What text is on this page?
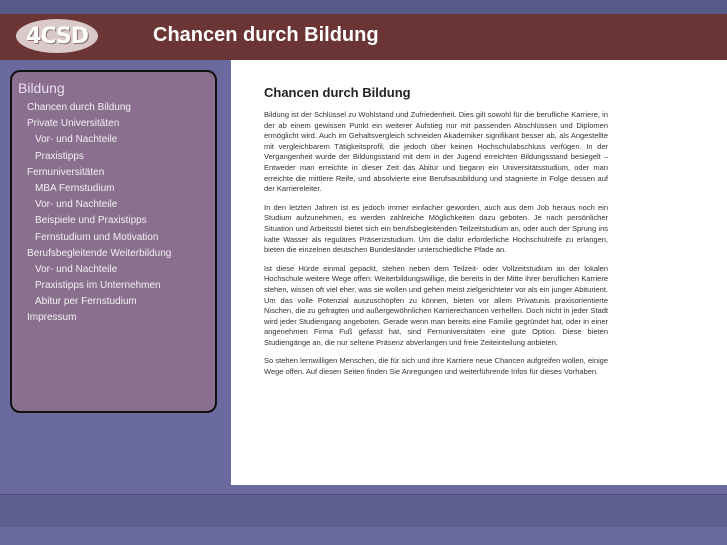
4CSD	Chancen durch Bildung
Bildung
Chancen durch Bildung
Private Universitäten
Vor- und Nachteile
Praxistipps
Fernuniversitäten
MBA Fernstudium
Vor- und Nachteile
Beispiele und Praxistipps
Fernstudium und Motivation
Berufsbegleitende Weiterbildung
Vor- und Nachteile
Praxistipps im Unternehmen
Abitur per Fernstudium
Impressum
Chancen durch Bildung

Bildung ist der Schlüssel zu Wohlstand und Zufriedenheit. Dies gilt sowohl für die berufliche Karriere, in der ab einem gewissen Punkt ein weiterer Aufstieg nur mit passenden Abschlüssen und Diplomen ermöglicht wird. Auch im Gehaltsvergleich schneiden Akademiker signifikant besser ab, als Angestellte mit vergleichbarem Tätigkeitsprofil, die jedoch über keinen Hochschulabschluss verfügen. In der Vergangenheit wurde der Bildungsstand mit dem in der Jugend erreichten Bildungsstand besiegelt – Entweder man erreichte in dieser Zeit das Abitur und begann ein Universitätsstudium, oder man erreichte die mittlere Reife, und absolvierte eine Berufsausbildung und stagnierte in Folge dessen auf der Karriereleiter.

In den letzten Jahren ist es jedoch immer einfacher geworden, auch aus dem Job heraus noch ein Studium aufzunehmen, es werden zahlreiche Möglichkeiten dazu geboten. Je nach persönlicher Situation und Arbeitsstil bietet sich ein berufsbegleitenden Teilzeitstudium an, oder auch der Sprung ins kalte Wasser als reguläres Präsenzstudium. Um die dafür erforderliche Hochschulreife zu erlangen, bieten die einzelnen deutschen Bundesländer unterschiedliche Pfade an.

Ist diese Hürde einmal gepackt, stehen neben dem Teilzeit- oder Vollzeitstudium an der lokalen Hochschule weitere Wege offen: Weiterbildungswillige, die bereits in der Mitte ihrer beruflichen Karriere stehen, wissen oft viel eher, was sie wollen und gehen meist zielgerichteter vor als ein junger Abiturient. Um das volle Potenzial auszuschöpfen zu können, bieten vor allem Privatunis praxisorientierte Nischen, die zu gefragten und außergewöhnlichen Karrierechancen verhelfen. Doch nicht in jeder Stadt wird jeder Studiengang angeboten. Gerade wenn man bereits eine Familie gegründet hat, oder in einer angenehmen Firma Fuß gefasst hat, sind Fernuniversitäten eine gute Option. Diese bieten Studiengänge an, die nur seltene Präsenz abverlangen und freie Zeiteinteilung anbieten.

So stehen lernwilligen Menschen, die für sich und ihre Karriere neue Chancen aufgreifen wollen, einige Wege offen. Auf diesen Seiten finden Sie Anregungen und weiterführende Infos für dieses Vorhaben.
